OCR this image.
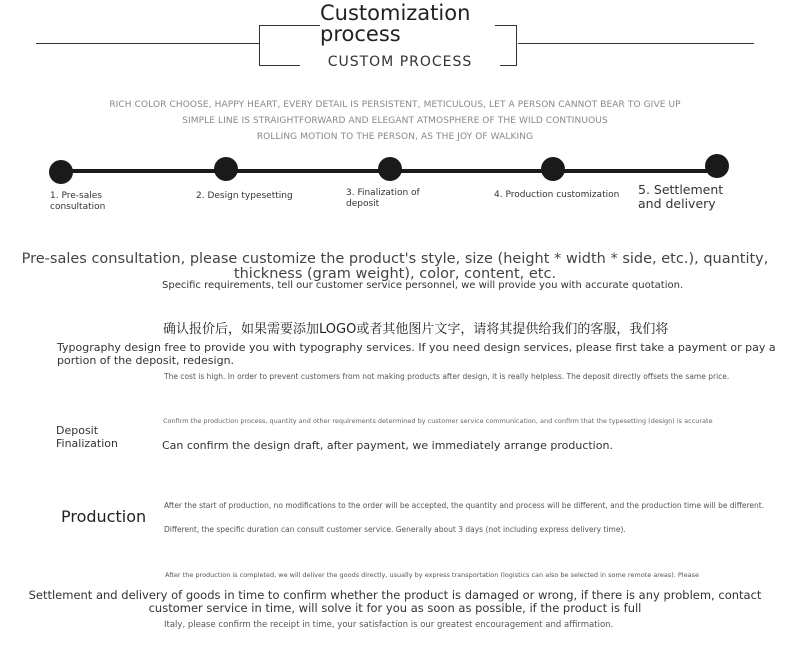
Customization process
CUSTOM PROCESS
RICH COLOR CHOOSE, HAPPY HEART, EVERY DETAIL IS PERSISTENT, METICULOUS, LET A PERSON CANNOT BEAR TO GIVE UP
SIMPLE LINE IS STRAIGHTFORWARD AND ELEGANT ATMOSPHERE OF THE WILD CONTINUOUS
ROLLING MOTION TO THE PERSON, AS THE JOY OF WALKING
1. Pre-sales consultation
2. Design typesetting	3. Finalization of deposit
4. Production customization	5. Settlement and delivery
Pre-sales consultation, please customize the product's style, size (height * width * side, etc.), quantity, thickness (gram weight), color, content, etc.
Specific requirements, tell our customer service personnel, we will provide you with accurate quotation.
确认报价后，如果需要添加LOGO或者其他图片文字，请将其提供给我们的客服，我们将
Typography design free to provide you with typography services. If you need design services, please first take a payment or pay a portion of the deposit, redesign.
The cost is high. In order to prevent customers from not making products after design, it is really helpless. The deposit directly offsets the same price.
Deposit Finalization
Confirm the production process, quantity and other requirements determined by customer service communication, and confirm that the typesetting (design) is accurate
Can confirm the design draft, after payment, we immediately arrange production.
Production
After the start of production, no modifications to the order will be accepted, the quantity and process will be different, and the production time will be different.
Different, the specific duration can consult customer service. Generally about 3 days (not including express delivery time).
After the production is completed, we will deliver the goods directly, usually by express transportation (logistics can also be selected in some remote areas). Please
Settlement and delivery of goods in time to confirm whether the product is damaged or wrong, if there is any problem, contact customer service in time, will solve it for you as soon as possible, if the product is full
Italy, please confirm the receipt in time, your satisfaction is our greatest encouragement and affirmation.
